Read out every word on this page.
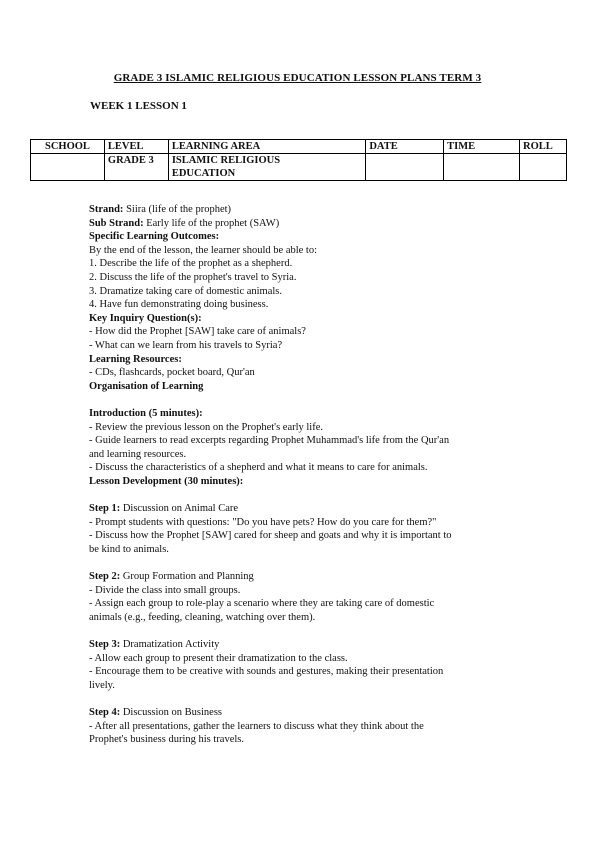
GRADE 3 ISLAMIC RELIGIOUS EDUCATION LESSON PLANS TERM 3
WEEK 1 LESSON 1
SCHOOL	LEVEL	LEARNING AREA	DATE	TIME	ROLL
	GRADE 3	ISLAMIC RELIGIOUS
EDUCATION			

Strand: Siira (life of the prophet)
Sub Strand: Early life of the prophet (SAW)
Specific Learning Outcomes:
By the end of the lesson, the learner should be able to:
1. Describe the life of the prophet as a shepherd.
2. Discuss the life of the prophet's travel to Syria.
3. Dramatize taking care of domestic animals.
4. Have fun demonstrating doing business.
Key Inquiry Question(s):
- How did the Prophet [SAW] take care of animals?
- What can we learn from his travels to Syria?
Learning Resources:
- CDs, flashcards, pocket board, Qur'an
Organisation of Learning
Introduction (5 minutes):
- Review the previous lesson on the Prophet's early life.
- Guide learners to read excerpts regarding Prophet Muhammad's life from the Qur'an
and learning resources.
- Discuss the characteristics of a shepherd and what it means to care for animals.
Lesson Development (30 minutes):
Step 1: Discussion on Animal Care
- Prompt students with questions: "Do you have pets? How do you care for them?"
- Discuss how the Prophet [SAW] cared for sheep and goats and why it is important to
be kind to animals.
Step 2: Group Formation and Planning
- Divide the class into small groups.
- Assign each group to role-play a scenario where they are taking care of domestic
animals (e.g., feeding, cleaning, watching over them).
Step 3: Dramatization Activity
- Allow each group to present their dramatization to the class.
- Encourage them to be creative with sounds and gestures, making their presentation
lively.
Step 4: Discussion on Business
- After all presentations, gather the learners to discuss what they think about the
Prophet's business during his travels.
